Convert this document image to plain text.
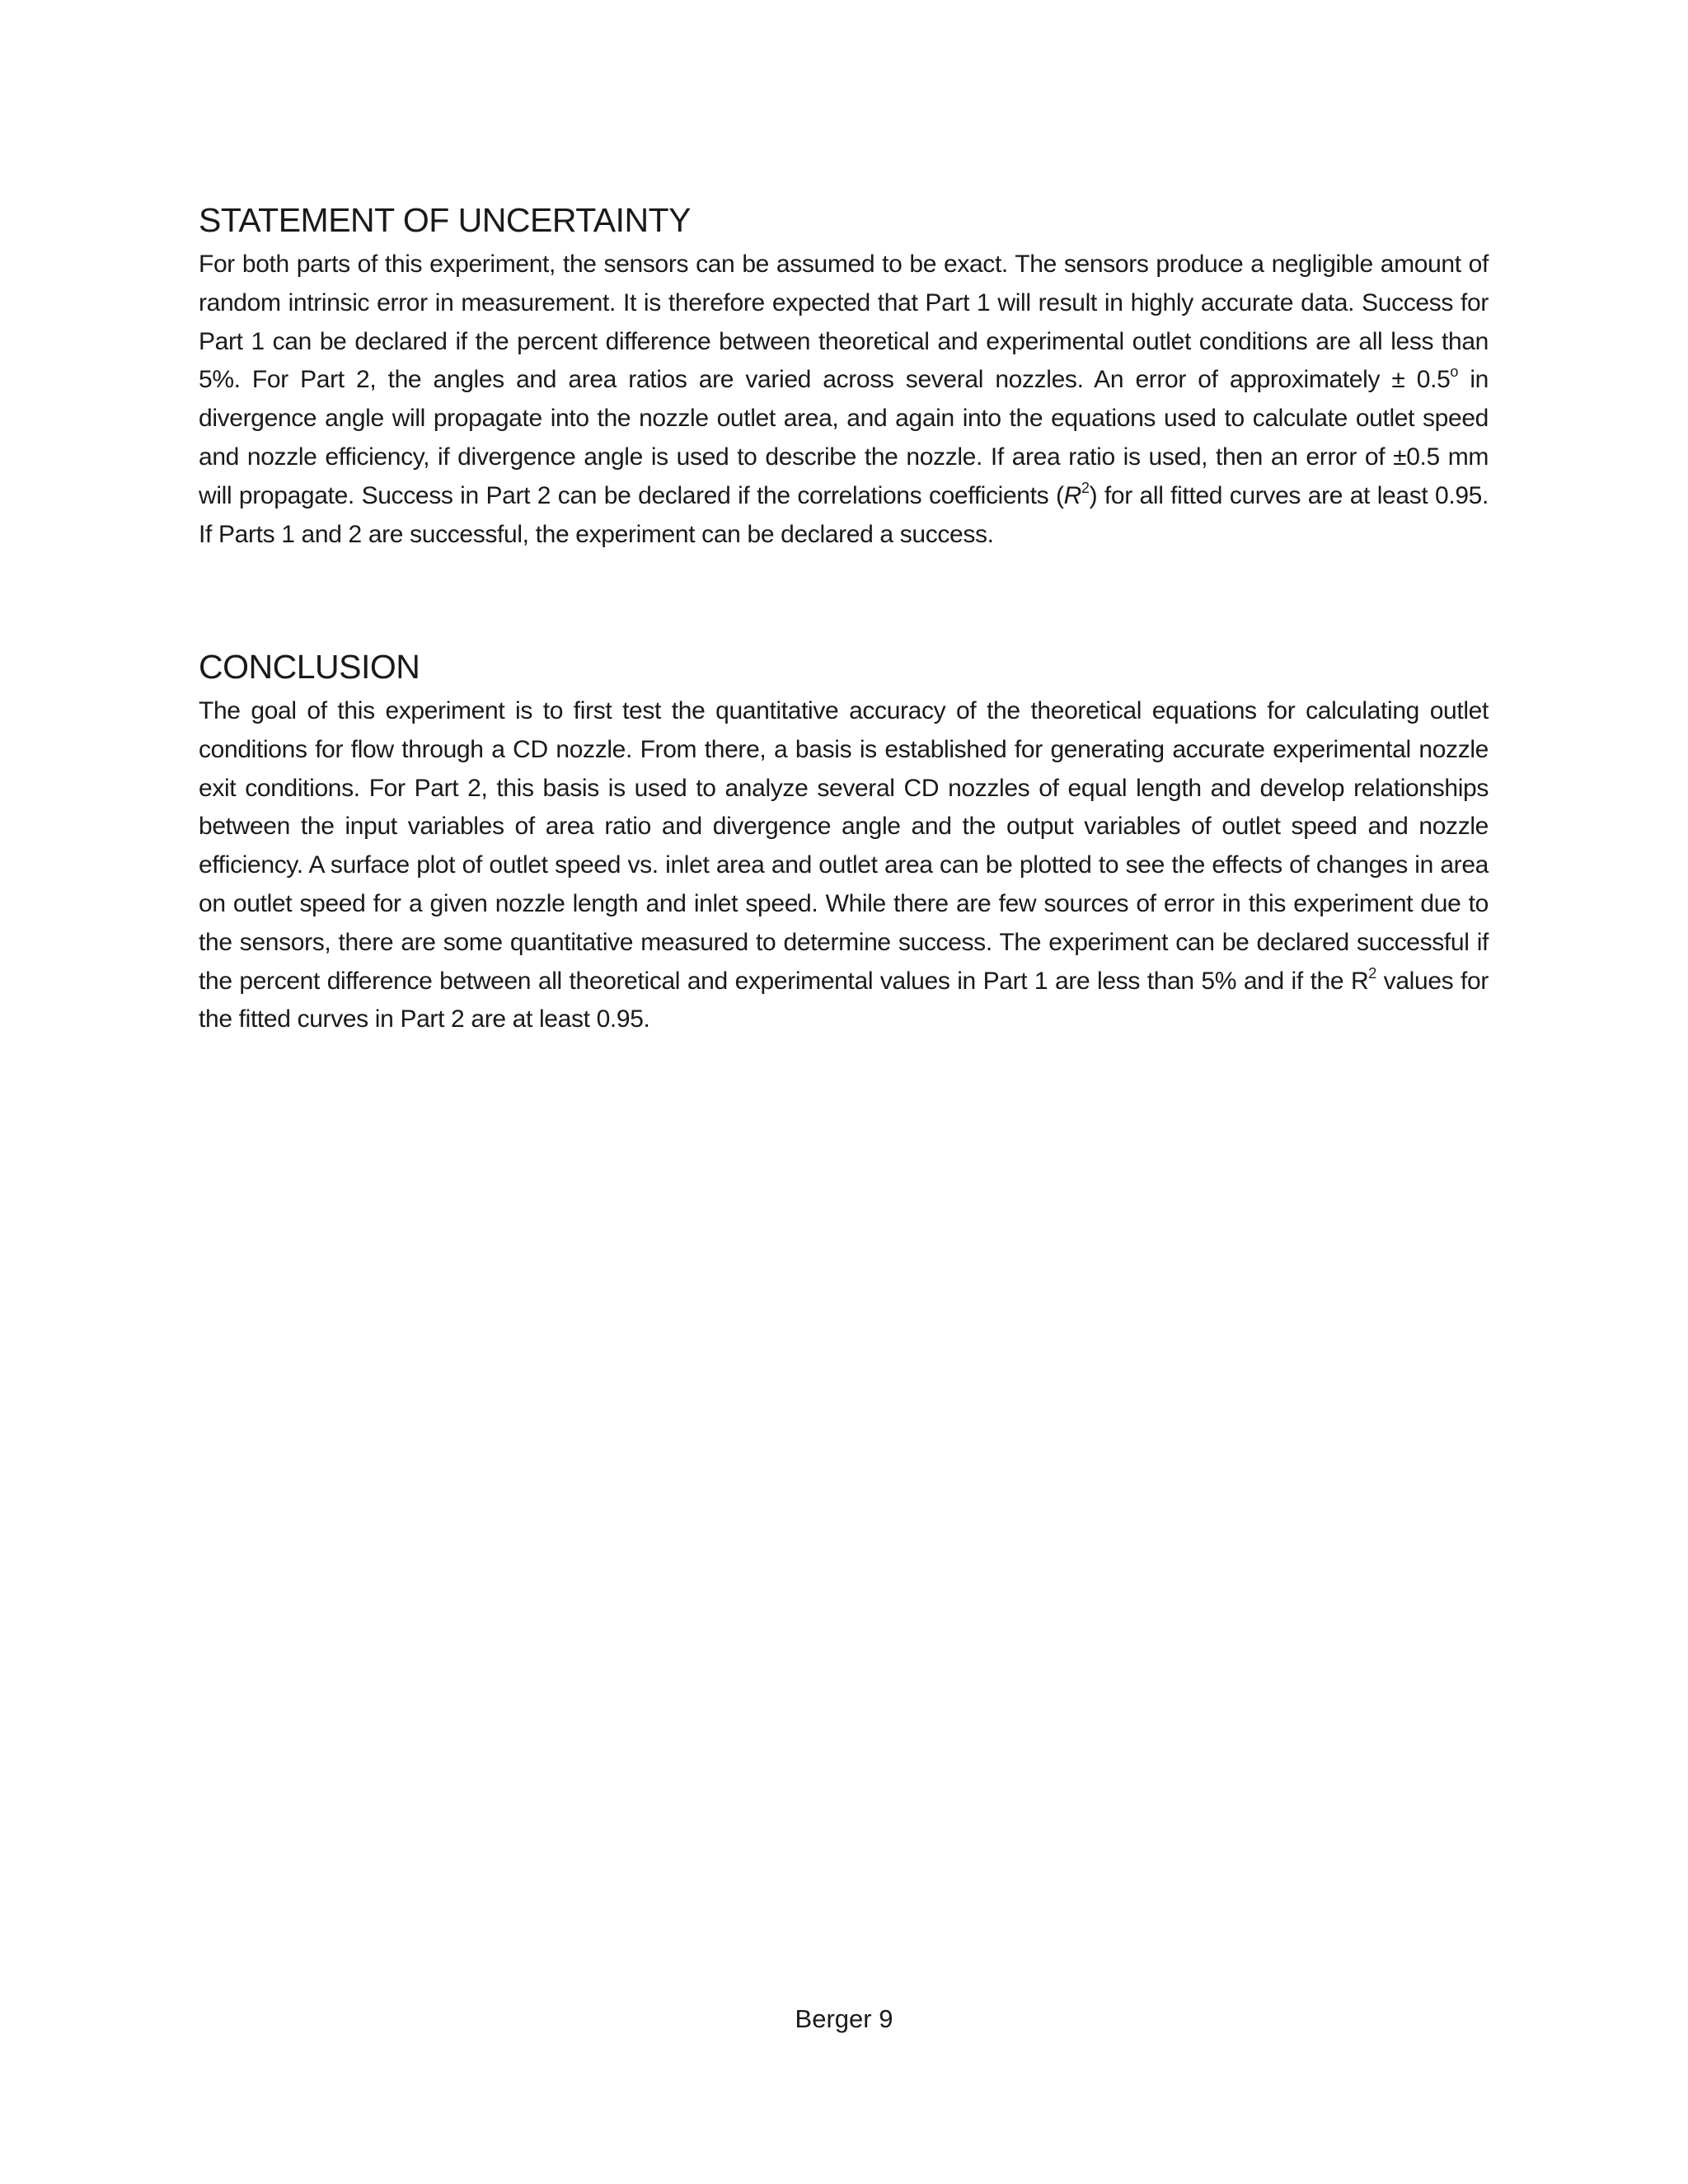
STATEMENT OF UNCERTAINTY

For both parts of this experiment, the sensors can be assumed to be exact. The sensors produce a negligible amount of random intrinsic error in measurement. It is therefore expected that Part 1 will result in highly accurate data. Success for Part 1 can be declared if the percent difference between theoretical and experimental outlet conditions are all less than 5%. For Part 2, the angles and area ratios are varied across several nozzles. An error of approximately ± $0.5^o$ in divergence angle will propagate into the nozzle outlet area, and again into the equations used to calculate outlet speed and nozzle efficiency, if divergence angle is used to describe the nozzle. If area ratio is used, then an error of ±0.5 mm will propagate. Success in Part 2 can be declared if the correlations coefficients $(R^2)$ for all fitted curves are at least 0.95. If Parts 1 and 2 are successful, the experiment can be declared a success.

CONCLUSION

The goal of this experiment is to first test the quantitative accuracy of the theoretical equations for calculating outlet conditions for flow through a CD nozzle. From there, a basis is established for generating accurate experimental nozzle exit conditions. For Part 2, this basis is used to analyze several CD nozzles of equal length and develop relationships between the input variables of area ratio and divergence angle and the output variables of outlet speed and nozzle efficiency. A surface plot of outlet speed vs. inlet area and outlet area can be plotted to see the effects of changes in area on outlet speed for a given nozzle length and inlet speed. While there are few sources of error in this experiment due to the sensors, there are some quantitative measured to determine success. The experiment can be declared successful if the percent difference between all theoretical and experimental values in Part 1 are less than 5% and if the $R^2$ values for the fitted curves in Part 2 are at least 0.95.

Berger 9
